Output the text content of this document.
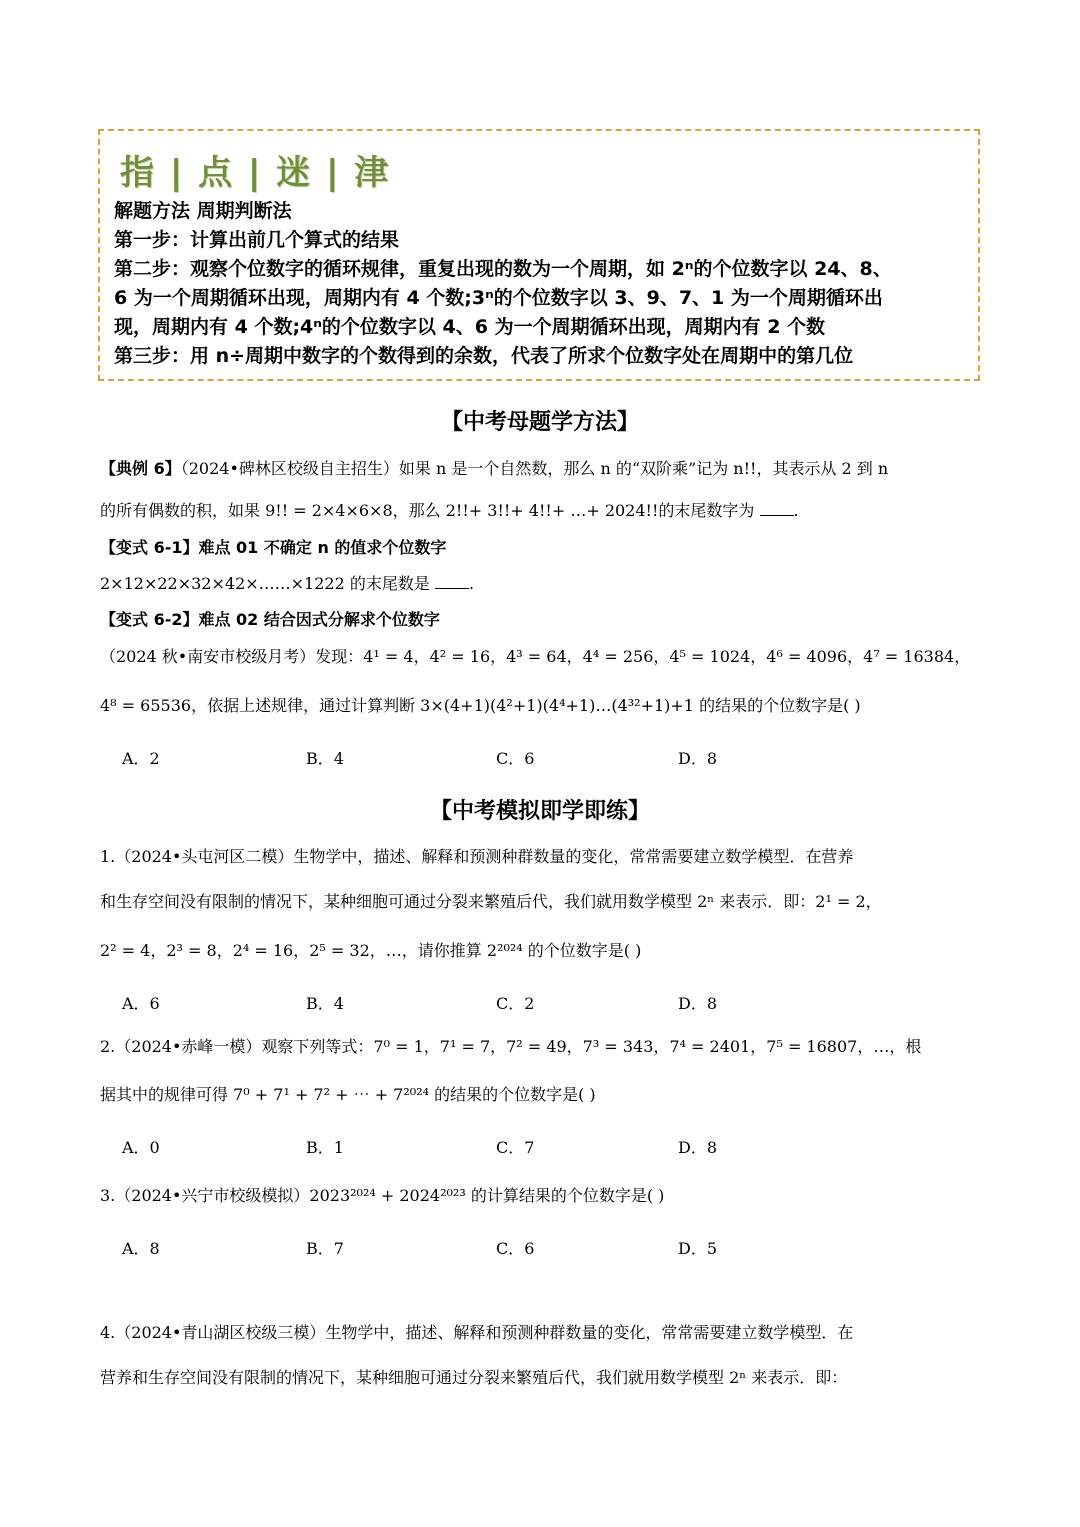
指 | 点 | 迷 | 津
解题方法 周期判断法
第一步：计算出前几个算式的结果
第二步：观察个位数字的循环规律，重复出现的数为一个周期，如 2ⁿ的个位数字以 24、8、
6 为一个周期循环出现，周期内有 4 个数;3ⁿ的个位数字以 3、9、7、1 为一个周期循环出
现，周期内有 4 个数;4ⁿ的个位数字以 4、6 为一个周期循环出现，周期内有 2 个数
第三步：用 n÷周期中数字的个数得到的余数，代表了所求个位数字处在周期中的第几位
【中考母题学方法】
【典例 6】（2024•碑林区校级自主招生）如果 n 是一个自然数，那么 n 的“双阶乘”记为 n!!，其表示从 2 到 n
的所有偶数的积，如果 9!! = 2×4×6×8，那么 2!!+ 3!!+ 4!!+ …+ 2024!!的末尾数字为 .
【变式 6-1】难点 01 不确定 n 的值求个位数字
2×12×22×32×42×……×1222 的末尾数是 .
【变式 6-2】难点 02 结合因式分解求个位数字
（2024 秋•南安市校级月考）发现：4¹ = 4，4² = 16，4³ = 64，4⁴ = 256，4⁵ = 1024，4⁶ = 4096，4⁷ = 16384，
4⁸ = 65536，依据上述规律，通过计算判断 3×(4+1)(4²+1)(4⁴+1)…(4³²+1)+1 的结果的个位数字是( )
A．2	B．4	C．6	D．8
【中考模拟即学即练】
1.（2024•头屯河区二模）生物学中，描述、解释和预测种群数量的变化，常常需要建立数学模型．在营养
和生存空间没有限制的情况下，某种细胞可通过分裂来繁殖后代，我们就用数学模型 2ⁿ 来表示．即：2¹ = 2，
2² = 4，2³ = 8，2⁴ = 16，2⁵ = 32，…，请你推算 2²⁰²⁴ 的个位数字是( )
A．6	B．4	C．2	D．8
2.（2024•赤峰一模）观察下列等式：7⁰ = 1，7¹ = 7，7² = 49，7³ = 343，7⁴ = 2401，7⁵ = 16807，…，根
据其中的规律可得 7⁰ + 7¹ + 7² + ⋯ + 7²⁰²⁴ 的结果的个位数字是( )
A．0	B．1	C．7	D．8
3.（2024•兴宁市校级模拟）2023²⁰²⁴ + 2024²⁰²³ 的计算结果的个位数字是( )
A．8	B．7	C．6	D．5
4.（2024•青山湖区校级三模）生物学中，描述、解释和预测种群数量的变化，常常需要建立数学模型．在
营养和生存空间没有限制的情况下，某种细胞可通过分裂来繁殖后代，我们就用数学模型 2ⁿ 来表示．即：
